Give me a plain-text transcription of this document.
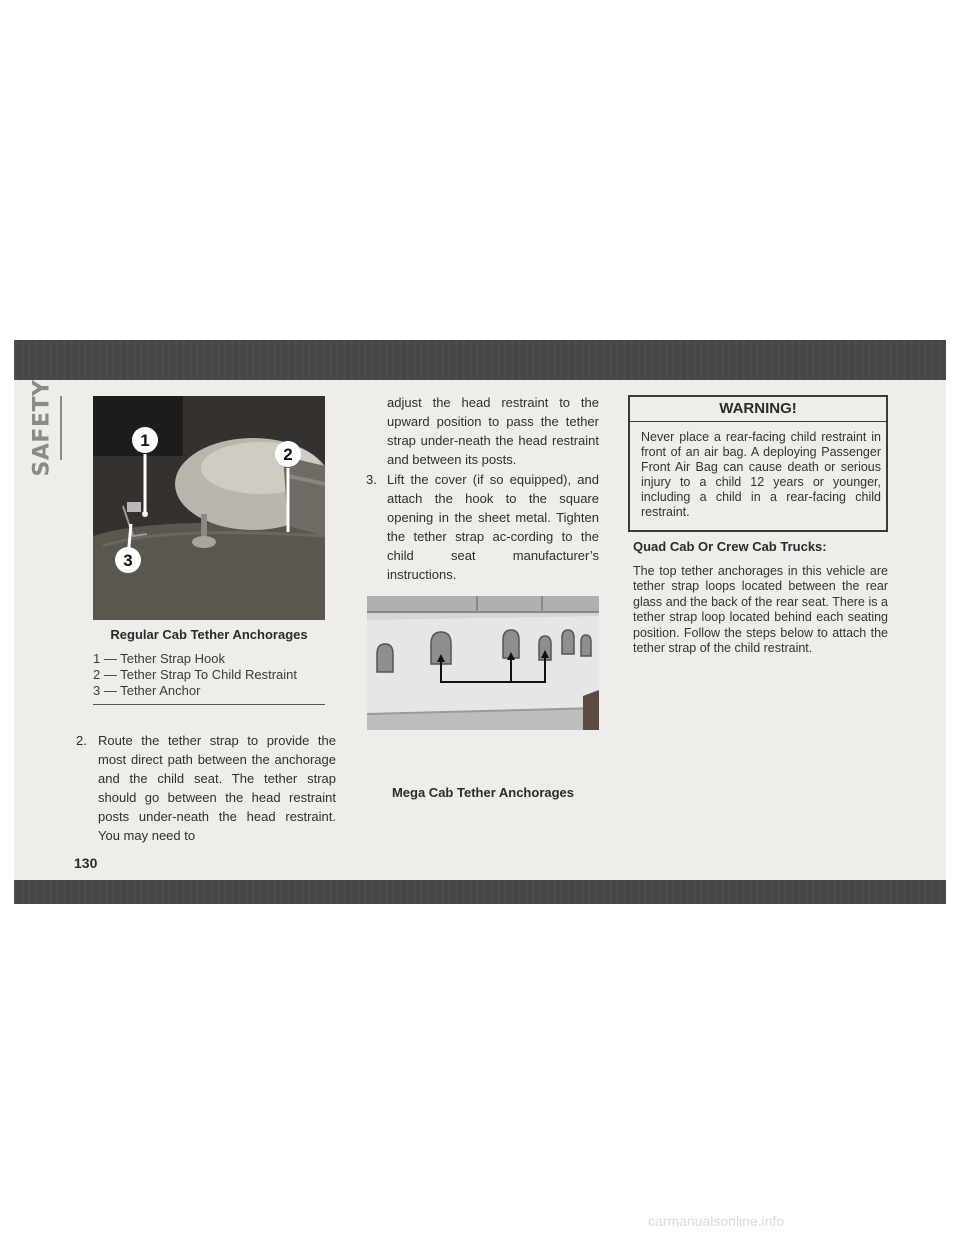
SAFETY	1
2
3
Regular Cab Tether Anchorages
1 — Tether Strap Hook
2 — Tether Strap To Child Restraint
3 — Tether Anchor
2. Route the tether strap to provide the most direct path between the anchorage and the child seat. The tether strap should go between the head restraint posts under-neath the head restraint. You may need to
adjust the head restraint to the upward position to pass the tether strap under-neath the head restraint and between its posts.
3. Lift the cover (if so equipped), and attach the hook to the square opening in the sheet metal. Tighten the tether strap ac-cording to the child seat manufacturer’s instructions.
Mega Cab Tether Anchorages
WARNING!
Never place a rear-facing child restraint in front of an air bag. A deploying Passenger Front Air Bag can cause death or serious injury to a child 12 years or younger, including a child in a rear-facing child restraint.
Quad Cab Or Crew Cab Trucks:
The top tether anchorages in this vehicle are tether strap loops located between the rear glass and the back of the rear seat. There is a tether strap loop located behind each seating position. Follow the steps below to attach the tether strap of the child restraint.
130
carmanualsonline.info
